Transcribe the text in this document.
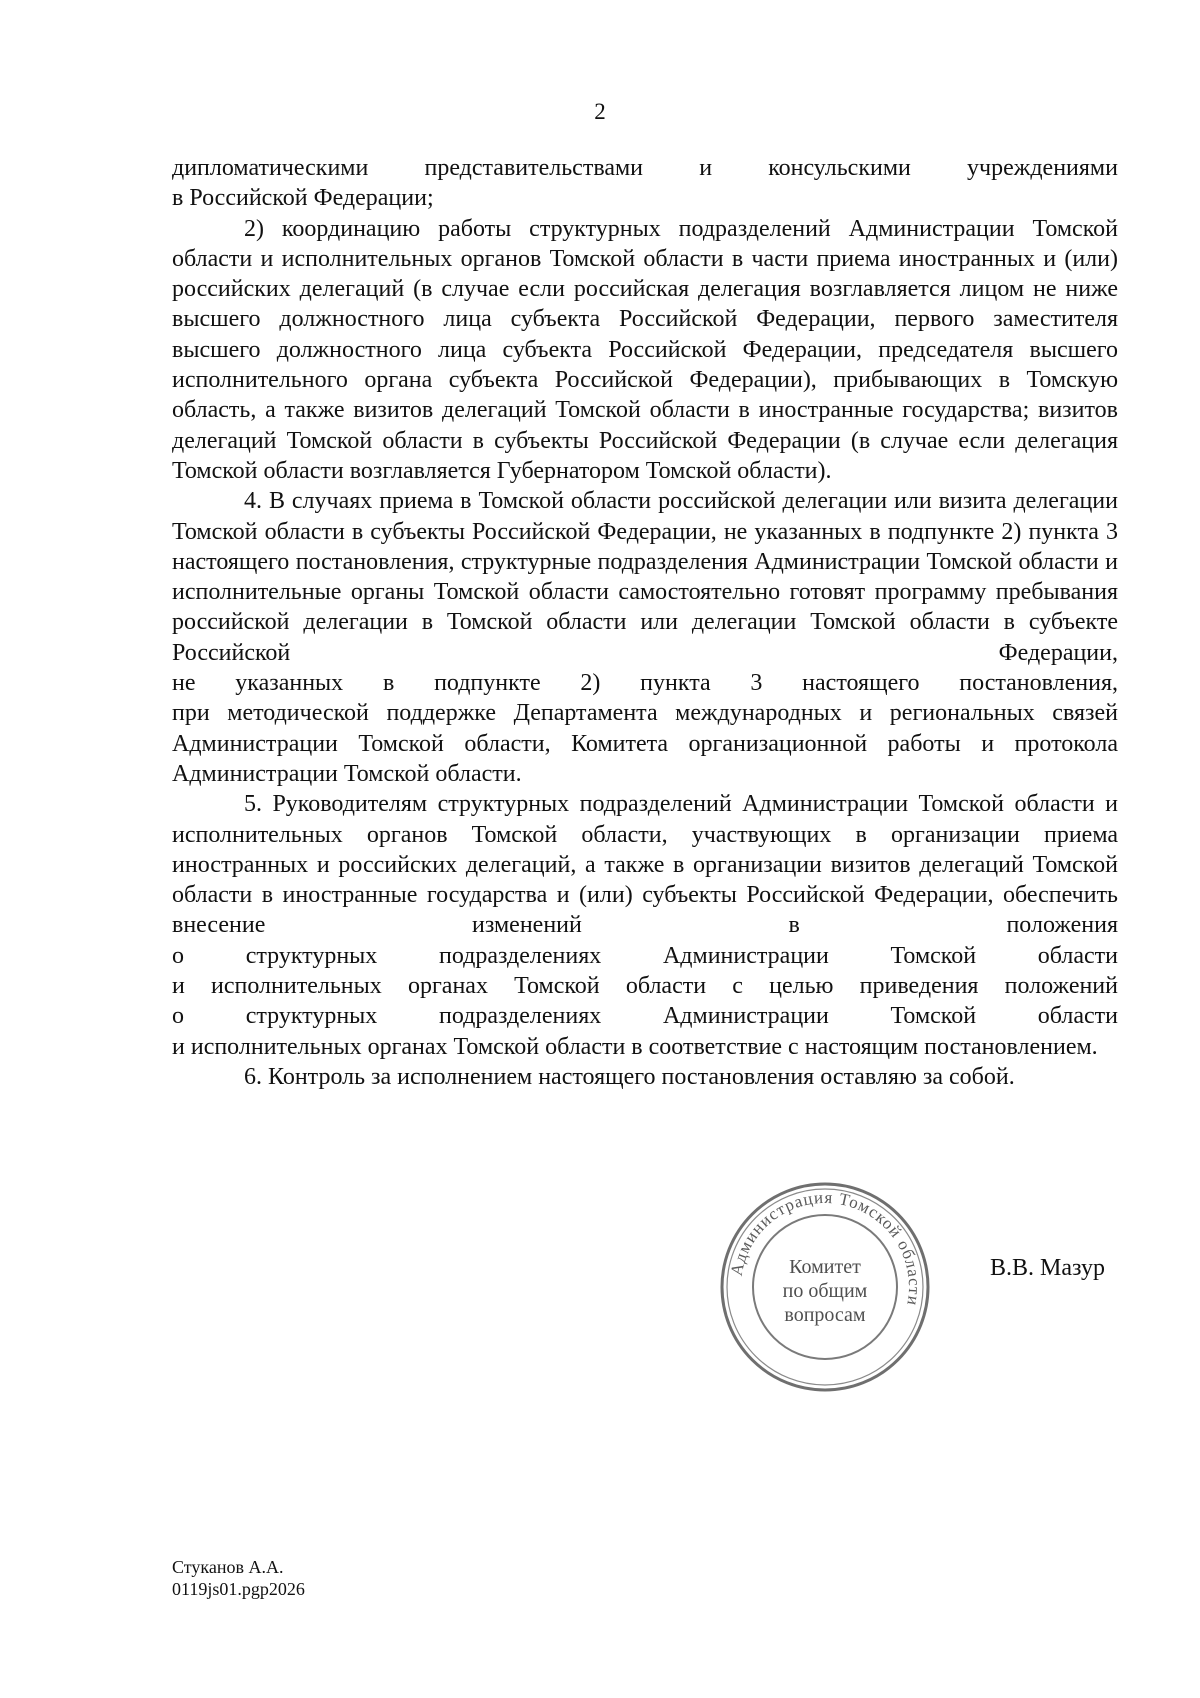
2
дипломатическими представительствами и консульскими учреждениями

в Российской Федерации;

2) координацию работы структурных подразделений Администрации Томской области и исполнительных органов Томской области в части приема иностранных и (или) российских делегаций (в случае если российская делегация возглавляется лицом не ниже высшего должностного лица субъекта Российской Федерации, первого заместителя высшего должностного лица субъекта Российской Федерации, председателя высшего исполнительного органа субъекта Российской Федерации), прибывающих в Томскую область, а также визитов делегаций Томской области в иностранные государства; визитов делегаций Томской области в субъекты Российской Федерации (в случае если делегация Томской области возглавляется Губернатором Томской области).

4. В случаях приема в Томской области российской делегации или визита делегации Томской области в субъекты Российской Федерации, не указанных в подпункте 2) пункта 3 настоящего постановления, структурные подразделения Администрации Томской области и исполнительные органы Томской области самостоятельно готовят программу пребывания российской делегации в Томской области или делегации Томской области в субъекте Российской Федерации,

не указанных в подпункте 2) пункта 3 настоящего постановления,

при методической поддержке Департамента международных и региональных связей Администрации Томской области, Комитета организационной работы и протокола Администрации Томской области.

5. Руководителям структурных подразделений Администрации Томской области и исполнительных органов Томской области, участвующих в организации приема иностранных и российских делегаций, а также в организации визитов делегаций Томской области в иностранные государства и (или) субъекты Российской Федерации, обеспечить внесение изменений в положения

о структурных подразделениях Администрации Томской области

и исполнительных органах Томской области с целью приведения положений

о структурных подразделениях Администрации Томской области

и исполнительных органах Томской области в соответствие с настоящим постановлением.

6. Контроль за исполнением настоящего постановления оставляю за собой.

Администрация Томской области
Комитет
по общим
вопросам
В.В. Мазур
Стуканов А.А.
0119js01.pgp2026
